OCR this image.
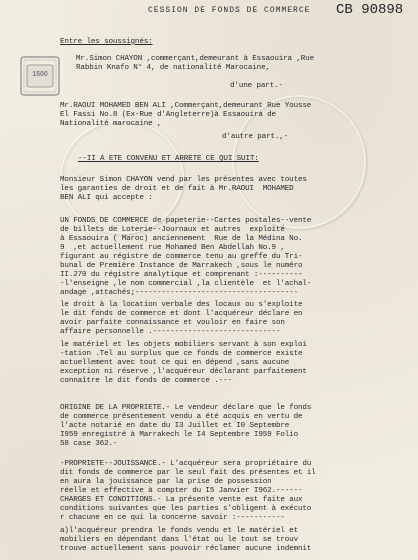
CESSION DE FONDS DE COMMERCE CB 90898
1500
Entre les soussignés:
Mr.Simon CHAYON ,commerçant,demeurant à Essaouira ,Rue
Rabbin Knafo N° 4, de nationalité Marocaine,
d'une part.-
Mr.RAOUI MOHAMED BEN ALI ,Commerçant,demeurant Rue Yousse
El Fassi No.8 (Ex-Rue d'Angleterre)à Essaouira de
Nationalité marocaine ,
d'autre part.,-
--II A ETE CONVENU ET ARRETE CE QUI SUIT:
Monsieur Simon CHAYON vend par les présentes avec toutes
les garanties de droit et de fait à Mr.RAOUI  MOHAMED
BEN ALI qui accepte :
UN FONDS DE COMMERCE de papeterie--Cartes postales--vente
de billets de Loterie--Journaux et autres  exploité
à Essaouira ( Maroc) anciennement  Rue de la Médina No.
9  ,et actuellement rue Mohamed Ben Abdellah No.9 ,
figurant au régistre de commerce tenu au greffe du Tri-
bunal de Première Instance de Marrakech ,sous le numéro
II.270 du régistre analytique et comprenant :----------
-l'enseigne ,le nom commercial ,la clientèle  et l'achal-
andage ,attachés;-------------------------------------
le droit à la location verbale des locaux ou s'exploite
le dit fonds de commerce et dont l'acquéreur déclare en
avoir parfaite connaissance et vouloir en faire son
affaire personnelle .-----------------------------
le matériel et les objets mobiliers servant à son exploi
-tation .Tel au surplus que ce fonds de commerce existe
actuellement avec tout ce qui en dépend ,sans aucune
exception ni réserve ,l'acquéreur déclarant parfaitement
connaître le dit fonds de commerce .---
ORIGINE DE LA PROPRIETE.- Le vendeur déclare que le fonds
de commerce présentement vendu a été acquis en vertu de
l'acte notarié en date du I3 Juillet et I0 Septembre
I959 enregistré à Marrakech le I4 Septembre I959 Folio
58 case 362.-
-PROPRIETE--JOUISSANCE.- L'acquéreur sera propriétaire du
dit fonds de commerce par le seul fait des présentes et il
en aura la jouissance par la prise de possession
réelle et effective à compter du I5 Janvier I962.------
CHARGES ET CONDITIONS.- La présente vente est faite aux
conditions suivantes que les parties s'obligent à exécuto
r chacune en ce qui la concerne savoir :-----------
a)l'acquéreur prendra le fonds vendu et le matériel et
mobiliers en dépendant dans l'état ou le tout se trouv
trouve actuellement sans pouvoir réclamer aucune indemnit
